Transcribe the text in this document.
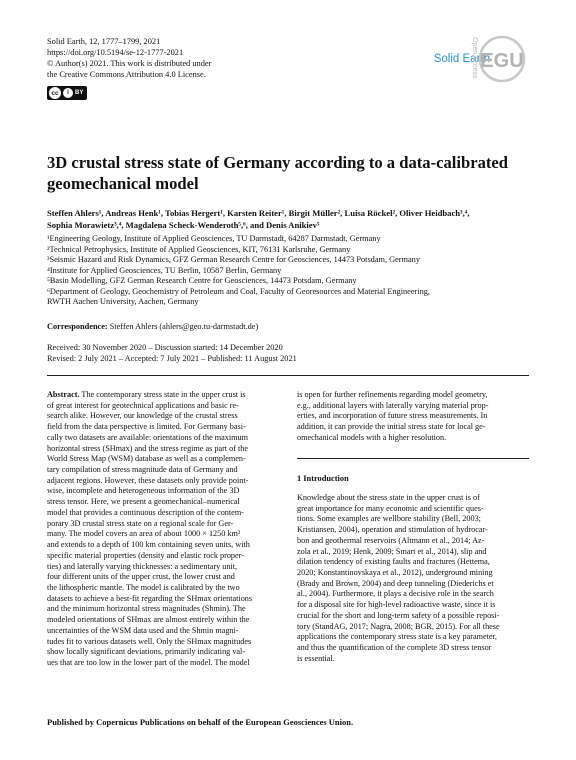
Solid Earth, 12, 1777–1799, 2021
https://doi.org/10.5194/se-12-1777-2021
© Author(s) 2021. This work is distributed under
the Creative Commons Attribution 4.0 License.
cc	i	BY
Solid Earth
Open Access EGU
3D crustal stress state of Germany according to a data-calibrated
geomechanical model
Steffen Ahlers¹, Andreas Henk¹, Tobias Hergert¹, Karsten Reiter¹, Birgit Müller², Luisa Röckel², Oliver Heidbach³,⁴,
Sophia Morawietz³,⁴, Magdalena Scheck-Wenderoth⁵,⁶, and Denis Anikiev⁵
¹Engineering Geology, Institute of Applied Geosciences, TU Darmstadt, 64287 Darmstadt, Germany
²Technical Petrophysics, Institute of Applied Geosciences, KIT, 76131 Karlsruhe, Germany
³Seismic Hazard and Risk Dynamics, GFZ German Research Centre for Geosciences, 14473 Potsdam, Germany
⁴Institute for Applied Geosciences, TU Berlin, 10587 Berlin, Germany
⁵Basin Modelling, GFZ German Research Centre for Geosciences, 14473 Potsdam, Germany
⁶Department of Geology, Geochemistry of Petroleum and Coal, Faculty of Georesources and Material Engineering,
RWTH Aachen University, Aachen, Germany
Correspondence: Steffen Ahlers (ahlers@geo.tu-darmstadt.de)
Received: 30 November 2020 – Discussion started: 14 December 2020
Revised: 2 July 2021 – Accepted: 7 July 2021 – Published: 11 August 2021
Abstract. The contemporary stress state in the upper crust is
of great interest for geotechnical applications and basic re-
search alike. However, our knowledge of the crustal stress
field from the data perspective is limited. For Germany basi-
cally two datasets are available: orientations of the maximum
horizontal stress (SHmax) and the stress regime as part of the
World Stress Map (WSM) database as well as a complemen-
tary compilation of stress magnitude data of Germany and
adjacent regions. However, these datasets only provide point-
wise, incomplete and heterogeneous information of the 3D
stress tensor. Here, we present a geomechanical–numerical
model that provides a continuous description of the contem-
porary 3D crustal stress state on a regional scale for Ger-
many. The model covers an area of about 1000 × 1250 km²
and extends to a depth of 100 km containing seven units, with
specific material properties (density and elastic rock proper-
ties) and laterally varying thicknesses: a sedimentary unit,
four different units of the upper crust, the lower crust and
the lithospheric mantle. The model is calibrated by the two
datasets to achieve a best-fit regarding the SHmax orientations
and the minimum horizontal stress magnitudes (Shmin). The
modeled orientations of SHmax are almost entirely within the
uncertainties of the WSM data used and the Shmin magni-
tudes fit to various datasets well. Only the SHmax magnitudes
show locally significant deviations, primarily indicating val-
ues that are too low in the lower part of the model. The model
is open for further refinements regarding model geometry,
e.g., additional layers with laterally varying material prop-
erties, and incorporation of future stress measurements. In
addition, it can provide the initial stress state for local ge-
omechanical models with a higher resolution.
1 Introduction
Knowledge about the stress state in the upper crust is of
great importance for many economic and scientific ques-
tions. Some examples are wellbore stability (Bell, 2003;
Kristiansen, 2004), operation and stimulation of hydrocar-
bon and geothermal reservoirs (Altmann et al., 2014; Az-
zola et al., 2019; Henk, 2009; Smart et al., 2014), slip and
dilation tendency of existing faults and fractures (Hettema,
2020; Konstantinovskaya et al., 2012), underground mining
(Brady and Brown, 2004) and deep tunneling (Diederichs et
al., 2004). Furthermore, it plays a decisive role in the search
for a disposal site for high-level radioactive waste, since it is
crucial for the short and long-term safety of a possible reposi-
tory (StandAG, 2017; Nagra, 2008; BGR, 2015). For all these
applications the contemporary stress state is a key parameter,
and thus the quantification of the complete 3D stress tensor
is essential.
Published by Copernicus Publications on behalf of the European Geosciences Union.
